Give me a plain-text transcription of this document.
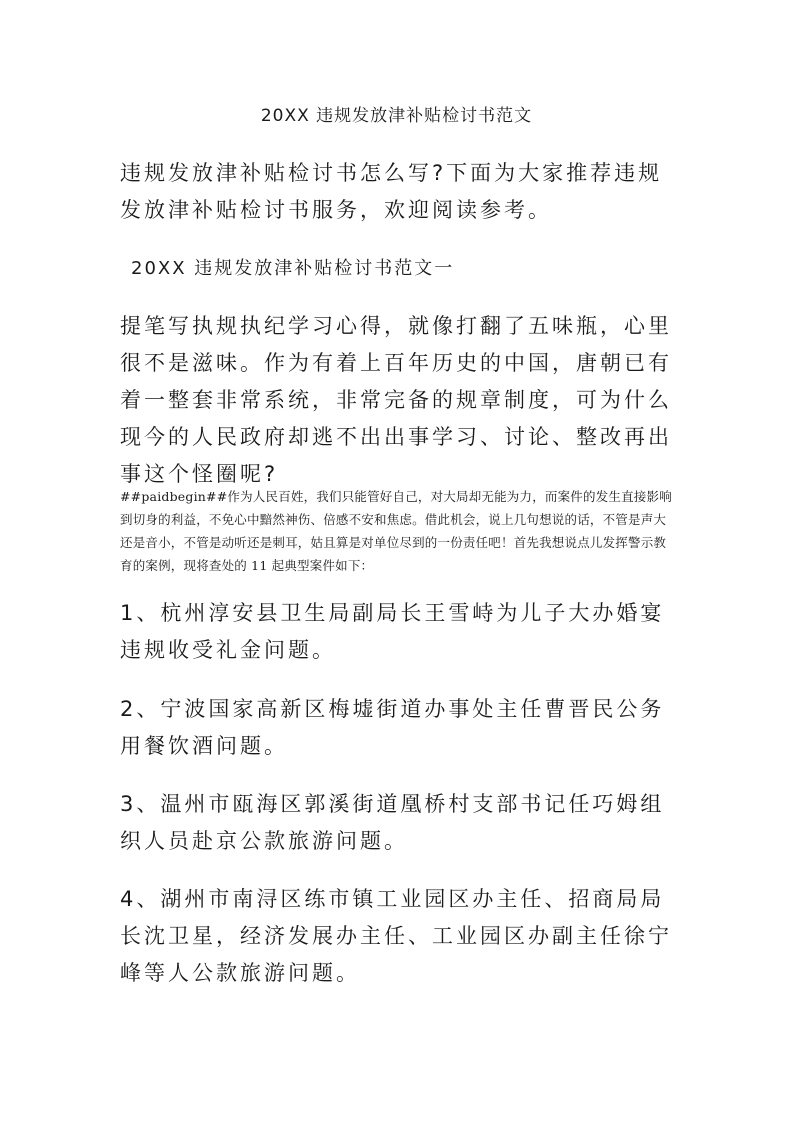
20XX 违规发放津补贴检讨书范文

违规发放津补贴检讨书怎么写?下面为大家推荐违规发放津补贴检讨书服务，欢迎阅读参考。

20XX 违规发放津补贴检讨书范文一

提笔写执规执纪学习心得，就像打翻了五味瓶，心里很不是滋味。作为有着上百年历史的中国，唐朝已有着一整套非常系统，非常完备的规章制度，可为什么现今的人民政府却逃不出出事学习、讨论、整改再出事这个怪圈呢?

##paidbegin##作为人民百姓，我们只能管好自己，对大局却无能为力，而案件的发生直接影响到切身的利益，不免心中黯然神伤、倍感不安和焦虑。借此机会，说上几句想说的话，不管是声大还是音小，不管是动听还是刺耳，姑且算是对单位尽到的一份责任吧！首先我想说点儿发挥警示教育的案例，现将查处的 11 起典型案件如下：

1、杭州淳安县卫生局副局长王雪峙为儿子大办婚宴违规收受礼金问题。

2、宁波国家高新区梅墟街道办事处主任曹晋民公务用餐饮酒问题。

3、温州市瓯海区郭溪街道凰桥村支部书记任巧姆组织人员赴京公款旅游问题。

4、湖州市南浔区练市镇工业园区办主任、招商局局长沈卫星，经济发展办主任、工业园区办副主任徐宁峰等人公款旅游问题。
